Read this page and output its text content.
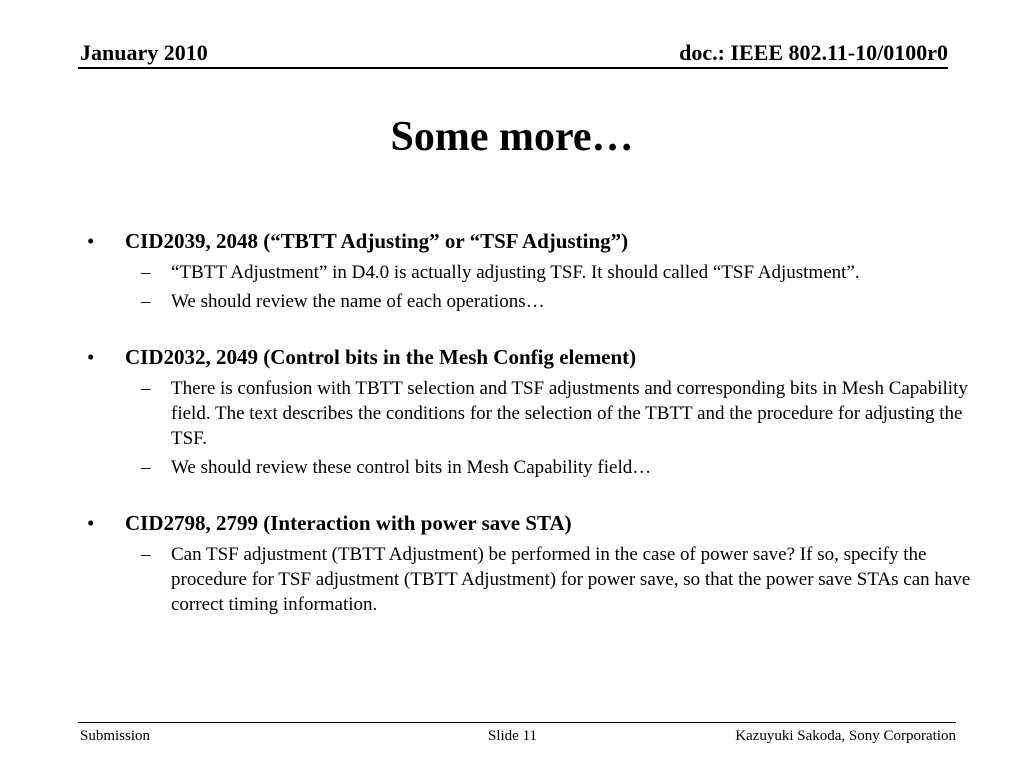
January 2010	doc.: IEEE 802.11-10/0100r0
Some more…
• CID2039, 2048 (“TBTT Adjusting” or “TSF Adjusting”)
– “TBTT Adjustment” in D4.0 is actually adjusting TSF. It should called “TSF Adjustment”.
– We should review the name of each operations…
• CID2032, 2049 (Control bits in the Mesh Config element)
– There is confusion with TBTT selection and TSF adjustments and corresponding bits in Mesh Capability field. The text describes the conditions for the selection of the TBTT and the procedure for adjusting the TSF.
– We should review these control bits in Mesh Capability field…
• CID2798, 2799 (Interaction with power save STA)
– Can TSF adjustment (TBTT Adjustment) be performed in the case of power save? If so, specify the procedure for TSF adjustment (TBTT Adjustment) for power save, so that the power save STAs can have correct timing information.
Submission	Slide 11	Kazuyuki Sakoda, Sony Corporation
